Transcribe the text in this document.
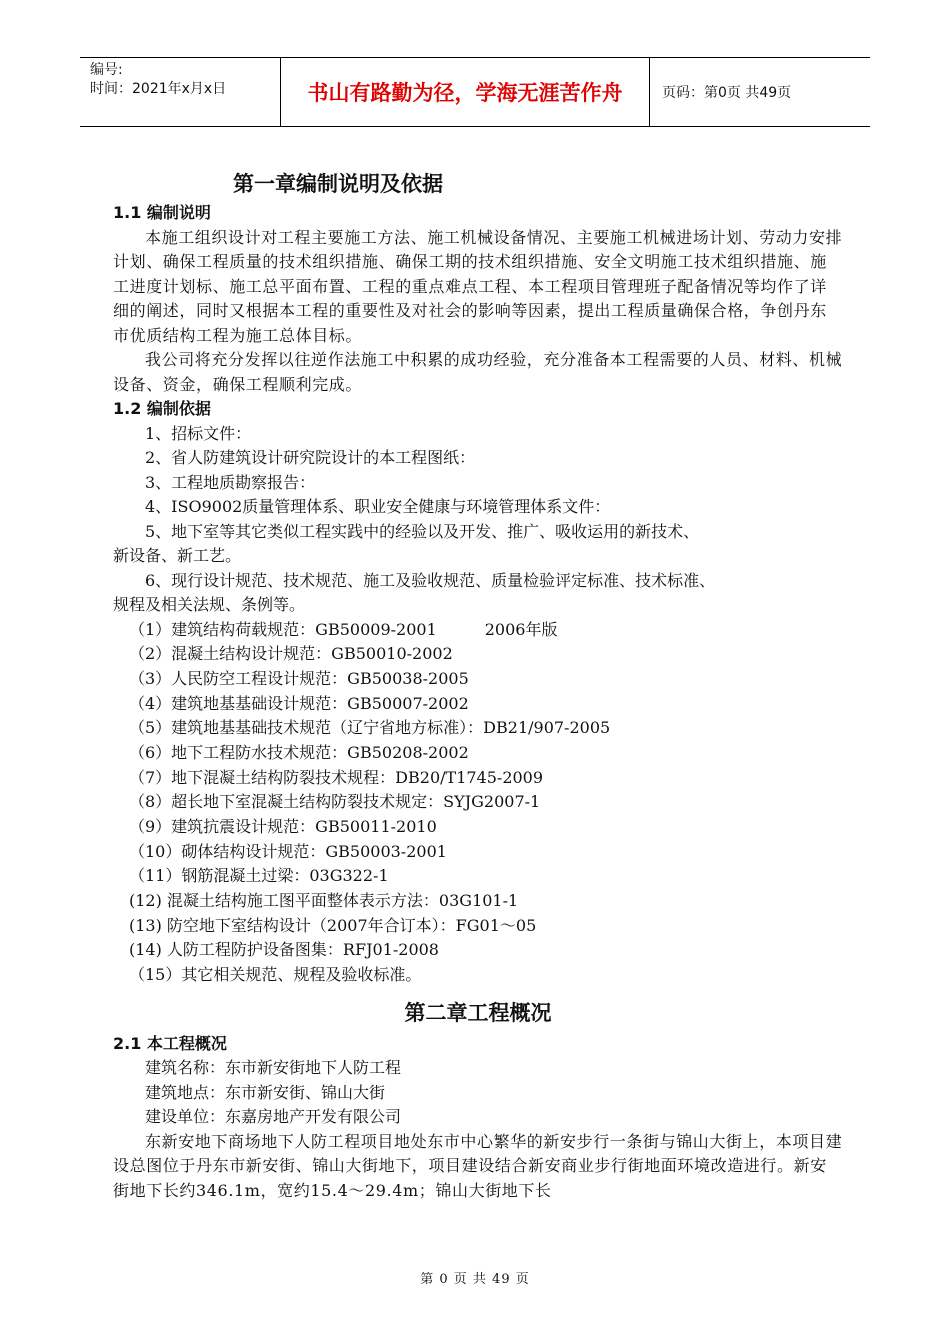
编号:
时间：2021年x月x日	书山有路勤为径，学海无涯苦作舟	页码：第0页 共49页
第一章编制说明及依据
1.1 编制说明

本施工组织设计对工程主要施工方法、施工机械设备情况、主要施工机械进场计划、劳动力安排计划、确保工程质量的技术组织措施、确保工期的技术组织措施、安全文明施工技术组织措施、施工进度计划标、施工总平面布置、工程的重点难点工程、本工程项目管理班子配备情况等均作了详细的阐述，同时又根据本工程的重要性及对社会的影响等因素，提出工程质量确保合格，争创丹东市优质结构工程为施工总体目标。

我公司将充分发挥以往逆作法施工中积累的成功经验，充分准备本工程需要的人员、材料、机械设备、资金，确保工程顺利完成。

1.2 编制依据
1、招标文件：
2、省人防建筑设计研究院设计的本工程图纸：
3、工程地质勘察报告：
4、ISO9002质量管理体系、职业安全健康与环境管理体系文件：
5、地下室等其它类似工程实践中的经验以及开发、推广、吸收运用的新技术、
新设备、新工艺。
6、现行设计规范、技术规范、施工及验收规范、质量检验评定标准、技术标准、
规程及相关法规、条例等。
（1）建筑结构荷载规范：GB50009-2001	2006年版
（2）混凝土结构设计规范：GB50010-2002
（3）人民防空工程设计规范：GB50038-2005
（4）建筑地基基础设计规范：GB50007-2002
（5）建筑地基基础技术规范（辽宁省地方标准）：DB21/907-2005
（6）地下工程防水技术规范：GB50208-2002
（7）地下混凝土结构防裂技术规程：DB20/T1745-2009
（8）超长地下室混凝土结构防裂技术规定：SYJG2007-1
（9）建筑抗震设计规范：GB50011-2010
（10）砌体结构设计规范：GB50003-2001
（11）钢筋混凝土过梁：03G322-1
(12) 混凝土结构施工图平面整体表示方法：03G101-1
(13) 防空地下室结构设计（2007年合订本）：FG01～05
(14) 人防工程防护设备图集：RFJ01-2008
（15）其它相关规范、规程及验收标准。
第二章工程概况
2.1 本工程概况
建筑名称：东市新安街地下人防工程
建筑地点：东市新安街、锦山大街
建设单位：东嘉房地产开发有限公司

东新安地下商场地下人防工程项目地处东市中心繁华的新安步行一条街与锦山大街上，本项目建设总图位于丹东市新安街、锦山大街地下，项目建设结合新安商业步行街地面环境改造进行。新安街地下长约346.1m，宽约15.4～29.4m；锦山大街地下长

第 0 页 共 49 页
